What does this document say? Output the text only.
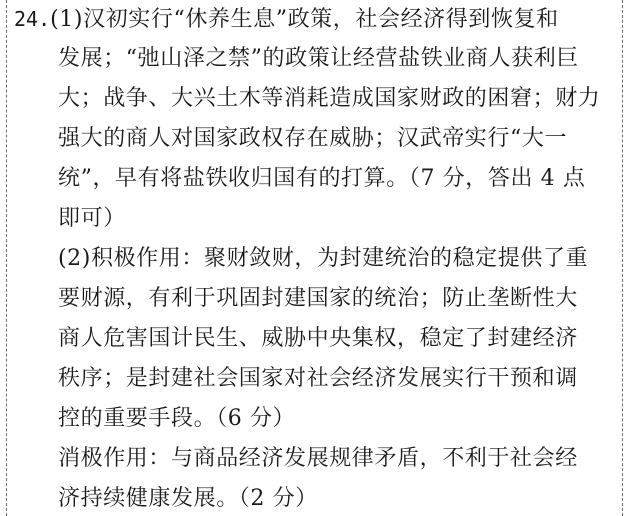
24.(1)汉初实行“休养生息”政策，社会经济得到恢复和
发展；“弛山泽之禁”的政策让经营盐铁业商人获利巨
大；战争、大兴土木等消耗造成国家财政的困窘；财力
强大的商人对国家政权存在威胁；汉武帝实行“大一
统”，早有将盐铁收归国有的打算。（7 分，答出 4 点
即可）
(2)积极作用：聚财敛财，为封建统治的稳定提供了重
要财源，有利于巩固封建国家的统治；防止垄断性大
商人危害国计民生、威胁中央集权，稳定了封建经济
秩序；是封建社会国家对社会经济发展实行干预和调
控的重要手段。（6 分）
消极作用：与商品经济发展规律矛盾，不利于社会经
济持续健康发展。（2 分）
